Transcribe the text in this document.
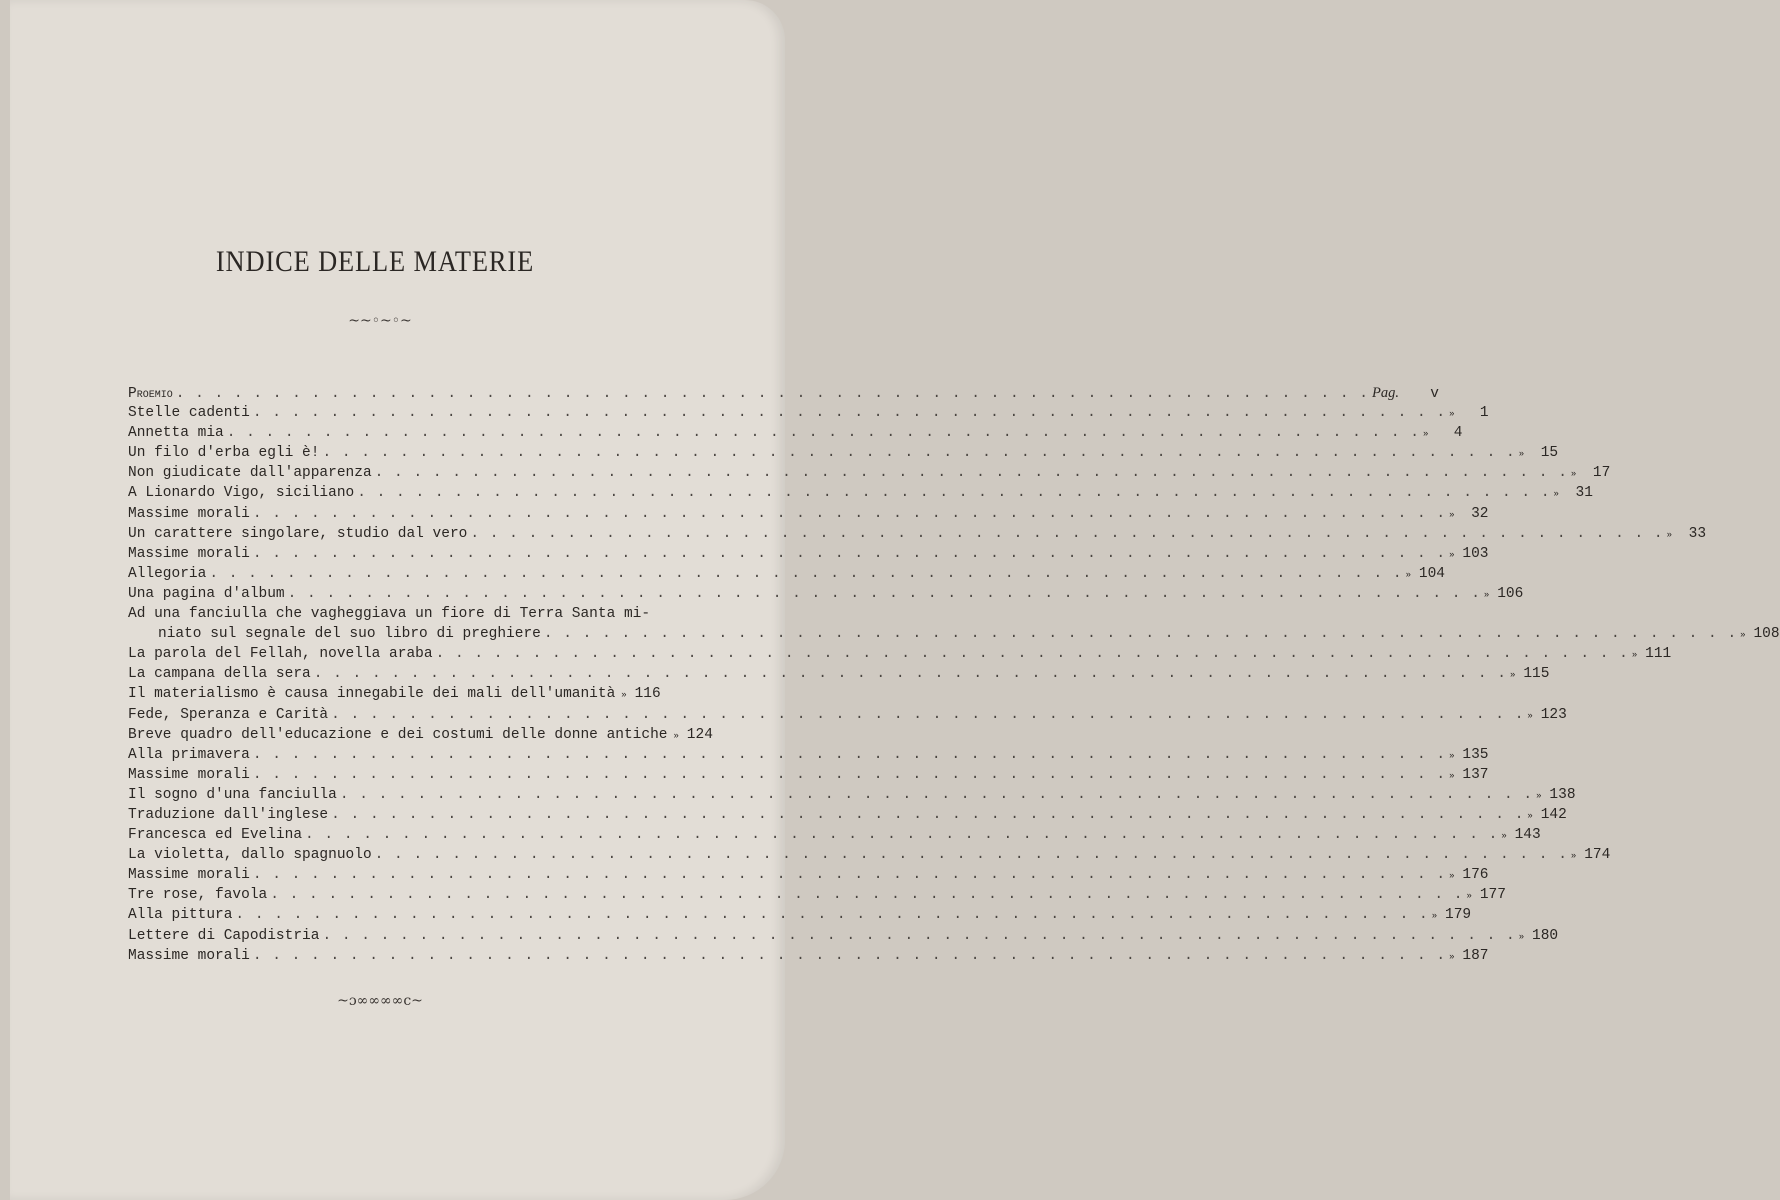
INDICE DELLE MATERIE
~~◦~◦~
Proemio . . .	Pag.	v
Stelle cadenti . . .	»	1
Annetta mia . . .	»	4
Un filo d'erba egli è! . . .	»	15
Non giudicate dall'apparenza . . .	»	17
A Lionardo Vigo, siciliano . . .	»	31
Massime morali . . .	»	32
Un carattere singolare, studio dal vero . . .	»	33
Massime morali . . .	» 103
Allegoria . . .	» 104
Una pagina d'album . . .	» 106
Ad una fanciulla che vagheggiava un fiore di Terra Santa mi-
niato sul segnale del suo libro di preghiere . . .	» 108
La parola del Fellah, novella araba . . .	» 111
La campana della sera . . .	» 115
Il materialismo è causa innegabile dei mali dell'umanità » 116
Fede, Speranza e Carità . . .	» 123
Breve quadro dell'educazione e dei costumi delle donne antiche » 124
Alla primavera . . .	» 135
Massime morali . . .	» 137
Il sogno d'una fanciulla . . .	» 138
Traduzione dall'inglese . . .	» 142
Francesca ed Evelina . . .	» 143
La violetta, dallo spagnuolo . . .	» 174
Massime morali . . .	» 176
Tre rose, favola . . .	» 177
Alla pittura . . .	» 179
Lettere di Capodistria . . .	» 180
Massime morali . . .	» 187
~ɔ∞∞∞∞c~
